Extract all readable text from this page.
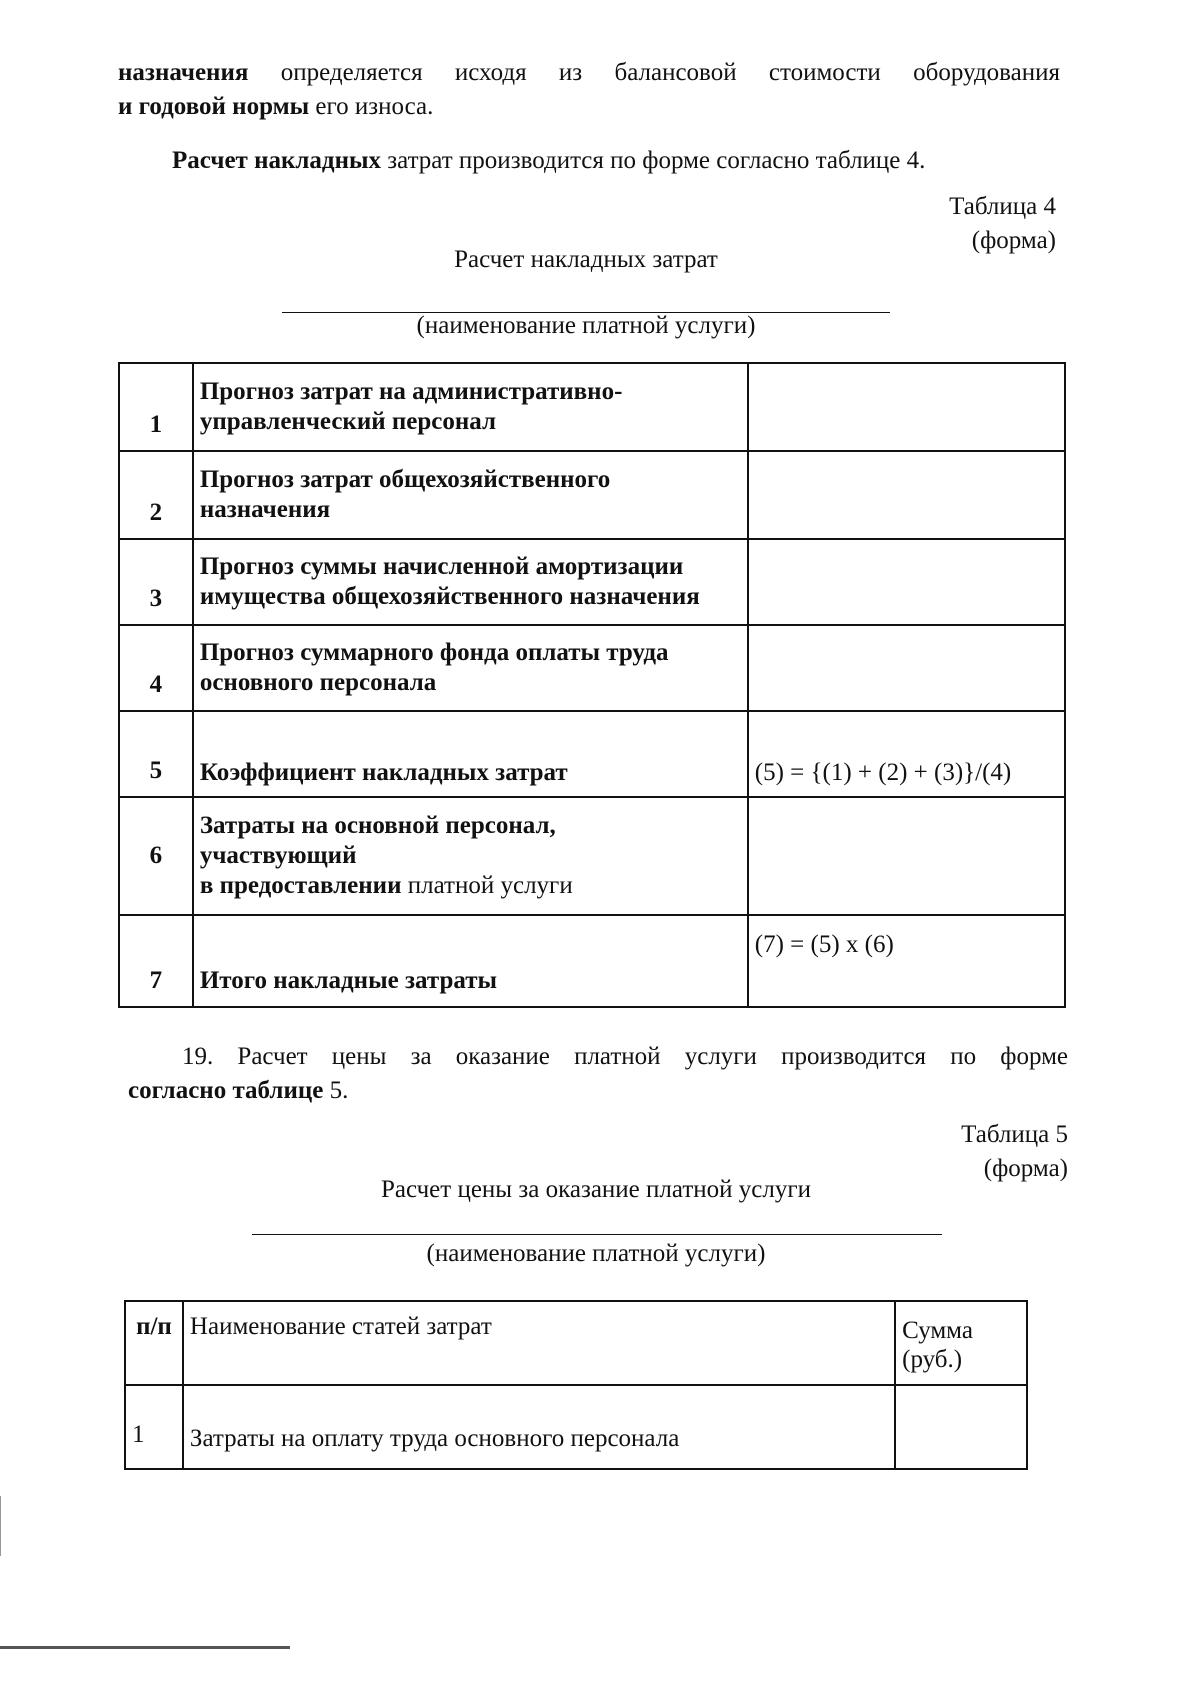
назначения определяется исходя из балансовой стоимости оборудования
и годовой нормы его износа.
Расчет накладных затрат производится по форме согласно таблице 4.
Таблица 4
(форма)
Расчет накладных затрат
(наименование платной услуги)
1	Прогноз затрат на административно-управленческий персонал	
2	Прогноз затрат общехозяйственного назначения	
3	Прогноз суммы начисленной амортизации имущества общехозяйственного назначения	
4	Прогноз суммарного фонда оплаты труда основного персонала	
5	Коэффициент накладных затрат	(5) = {(1) + (2) + (3)}/(4)
6	Затраты на основной персонал,
участвующий
в предоставлении платной услуги	

7	Итого накладные затраты	(7) = (5) x (6)
19. Расчет цены за оказание платной услуги производится по форме
согласно таблице 5.
Таблица 5
(форма)
Расчет цены за оказание платной услуги
(наименование платной услуги)
п/п	Наименование статей затрат	Сумма (руб.)
1	Затраты на оплату труда основного персонала	
